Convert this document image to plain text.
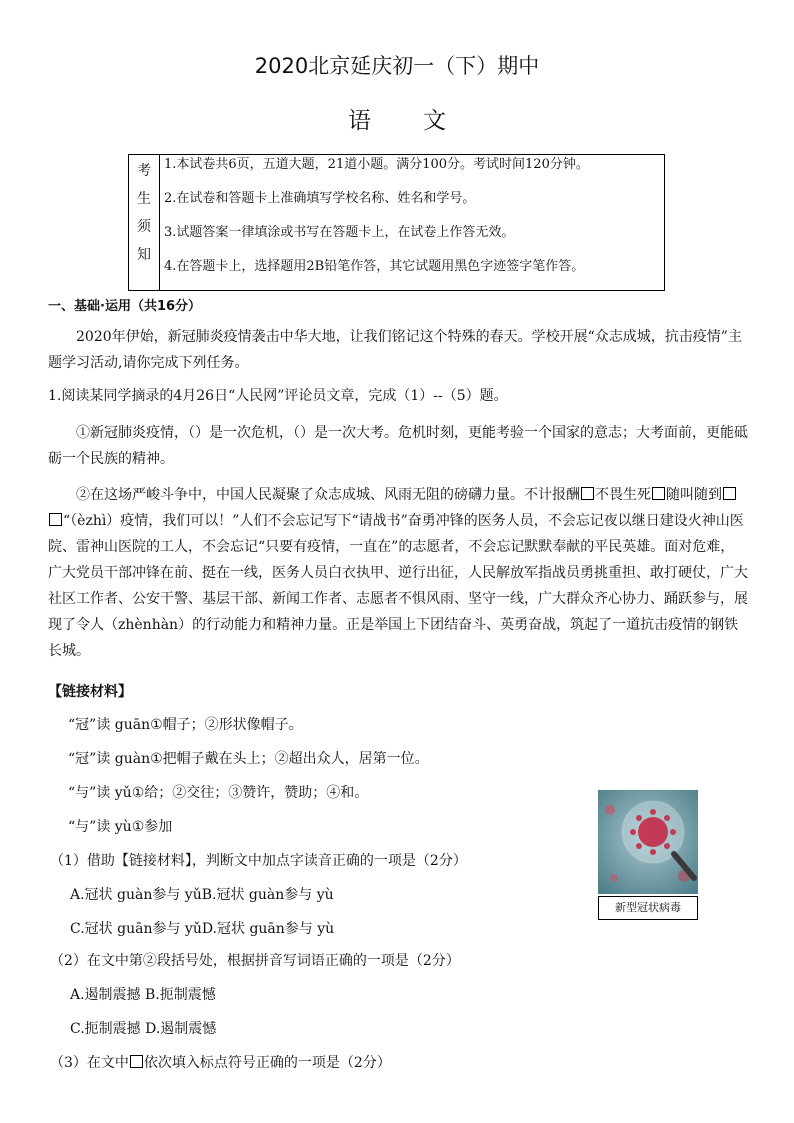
2020北京延庆初一（下）期中
语文
考
生
须
知
1.本试卷共6页，五道大题，21道小题。满分100分。考试时间120分钟。
2.在试卷和答题卡上准确填写学校名称、姓名和学号。
3.试题答案一律填涂或书写在答题卡上，在试卷上作答无效。
4.在答题卡上，选择题用2B铅笔作答，其它试题用黑色字迹签字笔作答。
一、基础·运用（共16分）
2020年伊始，新冠肺炎疫情袭击中华大地，让我们铭记这个特殊的春天。学校开展“众志成城，抗击疫情”主题学习活动,请你完成下列任务。
1.阅读某同学摘录的4月26日“人民网”评论员文章，完成（1）--（5）题。
①新冠肺炎疫情，（）是一次危机，（）是一次大考。危机时刻，更能考验一个国家的意志；大考面前，更能砥砺一个民族的精神。
②在这场严峻斗争中，中国人民凝聚了众志成城、风雨无阻的磅礴力量。不计报酬 不畏生死 随叫随到“（èzhì）疫情，我们可以！”人们不会忘记写下“请战书”奋勇冲锋的医务人员，不会忘记夜以继日建设火神山医院、雷神山医院的工人，不会忘记“只要有疫情，一直在”的志愿者，不会忘记默默奉献的平民英雄。面对危难，广大党员干部冲锋在前、挺在一线，医务人员白衣执甲、逆行出征，人民解放军指战员勇挑重担、敢打硬仗，广大社区工作者、公安干警、基层干部、新闻工作者、志愿者不惧风雨、坚守一线，广大群众齐心协力、踊跃参与，展现了令人（zhènhàn）的行动能力和精神力量。正是举国上下团结奋斗、英勇奋战，筑起了一道抗击疫情的钢铁长城。
【链接材料】
“冠”读 guān①帽子；②形状像帽子。
“冠”读 guàn①把帽子戴在头上；②超出众人，居第一位。
“与”读 yǔ①给；②交往；③赞许，赞助；④和。
“与”读 yù①参加
（1）借助【链接材料】，判断文中加点字读音正确的一项是（2分）
A.冠状 guàn参与 yǔB.冠状 guàn参与 yù
C.冠状 guān参与 yǔD.冠状 guān参与 yù
（2）在文中第②段括号处，根据拼音写词语正确的一项是（2分）
A.遏制震撼 B.扼制震憾
C.扼制震撼 D.遏制震憾
（3）在文中 依次填入标点符号正确的一项是（2分）
新型冠状病毒
